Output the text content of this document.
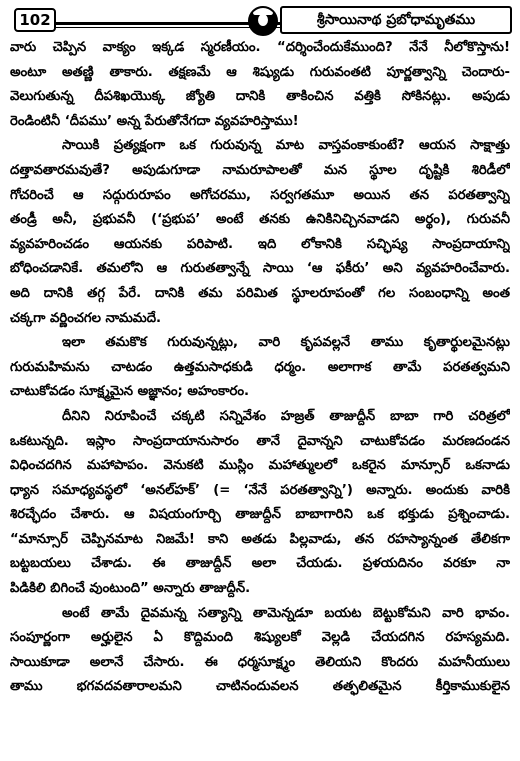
102	శ్రీసాయినాథ ప్రబోధామృతము
వారు చెప్పిన వాక్యం ఇక్కడ స్మరణీయం. “దర్శించేందుకేముంది? నేనే నీలోకొస్తాను!
అంటూ అతణ్ణి తాకారు. తక్షణమే ఆ శిష్యుడు గురువంతటి పూర్ణత్వాన్ని చెందారు-
వెలుగుతున్న దీపశిఖయొక్క జ్యోతి దానికి తాకించిన వత్తికి సోకినట్లు. అపుడు
రెండింటినీ ‘దీపము’ అన్న పేరుతోనేగదా వ్యవహరిస్తాము!
సాయికి ప్రత్యక్షంగా ఒక గురువున్న మాట వాస్తవంకాకుంటే? ఆయన సాక్షాత్తు
దత్తావతారమవుతే? అపుడుగూడా నామరూపాలతో మన స్థూల దృష్టికి శిరిడీలో
గోచరించే ఆ సద్గురురూపం అగోచరము, సర్వగతమూ అయిన తన పరతత్వాన్ని
తండ్రీ అనీ, ప్రభువనీ (‘ప్రభుప’ అంటే తనకు ఉనికినిచ్చినవాడని అర్థం), గురువనీ
వ్యవహరించడం ఆయనకు పరిపాటి. ఇది లోకానికి సచ్ఛిష్య సాంప్రదాయాన్ని
బోధించడానికే. తమలోని ఆ గురుతత్వాన్నే సాయి ‘ఆ ఫకీరు’ అని వ్యవహరించేవారు.
అది దానికి తగ్గ పేరే. దానికి తమ పరిమిత స్థూలరూపంతో గల సంబంధాన్ని అంత
చక్కగా వర్ణించగల నామమదే.
ఇలా తమకొక గురువున్నట్లు, వారి కృపవల్లనే తాము కృతార్థులమైనట్లు
గురుమహిమను చాటడం ఉత్తమసాధకుడి ధర్మం. అలాగాక తామే పరతత్వమని
చాటుకోవడం సూక్ష్మమైన అజ్ఞానం; అహంకారం.
దీనిని నిరూపించే చక్కటి సన్నివేశం హజ్రత్ తాజుద్దీన్ బాబా గారి చరిత్రలో
ఒకటున్నది. ఇస్లాం సాంప్రదాయానుసారం తానే దైవాన్నని చాటుకోవడం మరణదండన
విధించదగిన మహాపాపం. వెనుకటి ముస్లిం మహాత్ములలో ఒకరైన మాన్సూర్ ఒకనాడు
ధ్యాన సమాధ్యవస్థలో ‘అనల్‌హక్’ (= ‘నేనే పరతత్వాన్ని’) అన్నారు. అందుకు వారికి
శిరచ్ఛేదం చేశారు. ఆ విషయంగూర్చి తాజుద్దీన్ బాబాగారిని ఒక భక్తుడు ప్రశ్నించాడు.
“మాన్సూర్ చెప్పినమాట నిజమే! కాని అతడు పిల్లవాడు, తన రహస్యాన్నంత తేలికగా
బట్టబయలు చేశాడు. ఈ తాజుద్దీన్ అలా చేయడు. ప్రళయదినం వరకూ నా
పిడికిలి బిగించే వుంటుంది” అన్నారు తాజుద్దీన్.
అంటే తామే దైవమన్న సత్యాన్ని తామెన్నడూ బయట బెట్టుకోమని వారి భావం.
సంపూర్ణంగా అర్హులైన ఏ కొద్దిమంది శిష్యులకో వెల్లడి చేయదగిన రహస్యమది.
సాయికూడా అలానే చేసారు. ఈ ధర్మసూక్ష్మం తెలియని కొందరు మహనీయులు
తాము భగవదవతారాలమని చాటినందువలన తత్ఫలితమైన కీర్తికాముకులైన
